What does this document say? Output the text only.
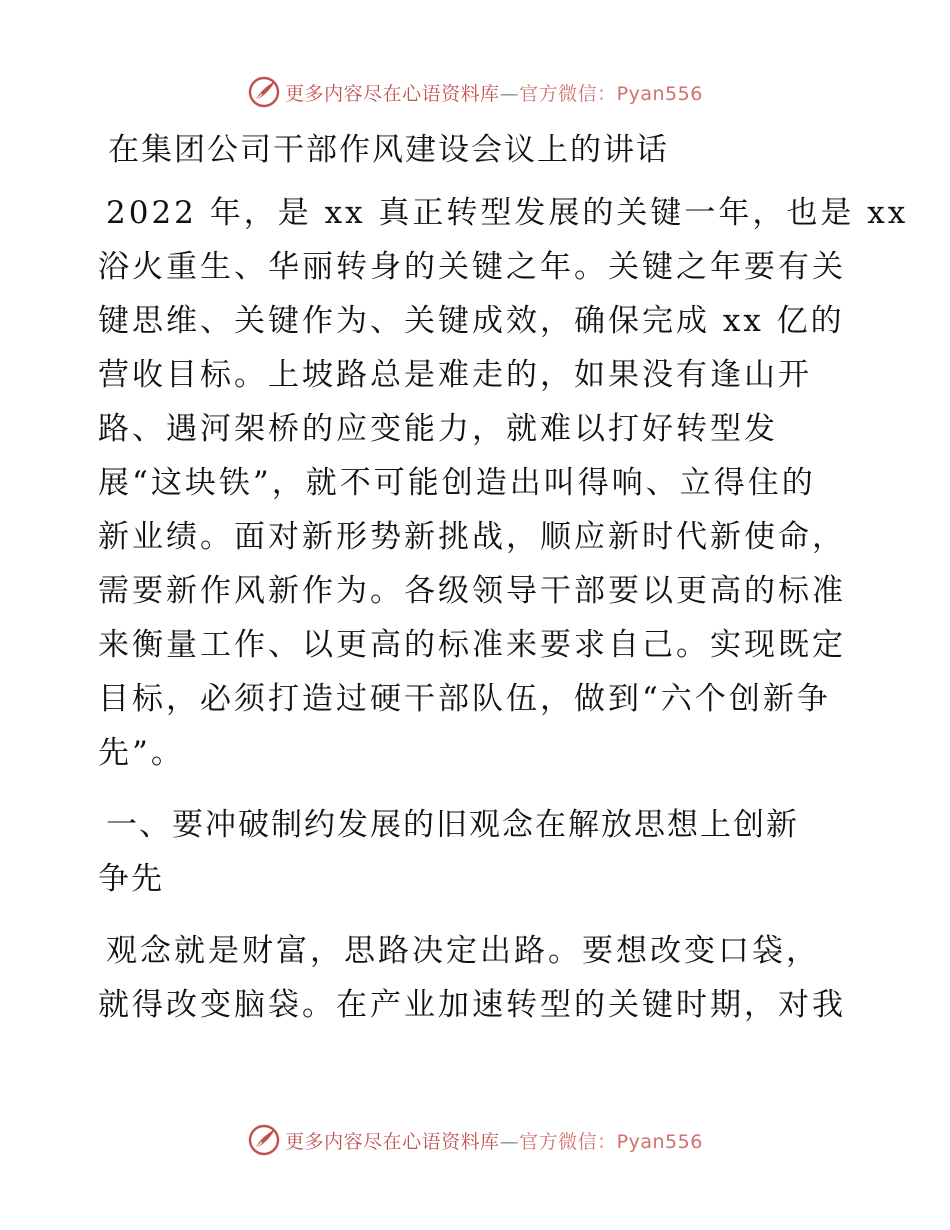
更多内容尽在心语资料库—官方微信：Pyan556
在集团公司干部作风建设会议上的讲话
2022 年，是 xx 真正转型发展的关键一年，也是 xx
浴火重生、华丽转身的关键之年。关键之年要有关
键思维、关键作为、关键成效，确保完成 xx 亿的
营收目标。上坡路总是难走的，如果没有逢山开
路、遇河架桥的应变能力，就难以打好转型发
展“这块铁”，就不可能创造出叫得响、立得住的
新业绩。面对新形势新挑战，顺应新时代新使命，
需要新作风新作为。各级领导干部要以更高的标准
来衡量工作、以更高的标准来要求自己。实现既定
目标，必须打造过硬干部队伍，做到“六个创新争
先”。
一、要冲破制约发展的旧观念在解放思想上创新
争先
观念就是财富，思路决定出路。要想改变口袋，
就得改变脑袋。在产业加速转型的关键时期，对我
更多内容尽在心语资料库—官方微信：Pyan556
